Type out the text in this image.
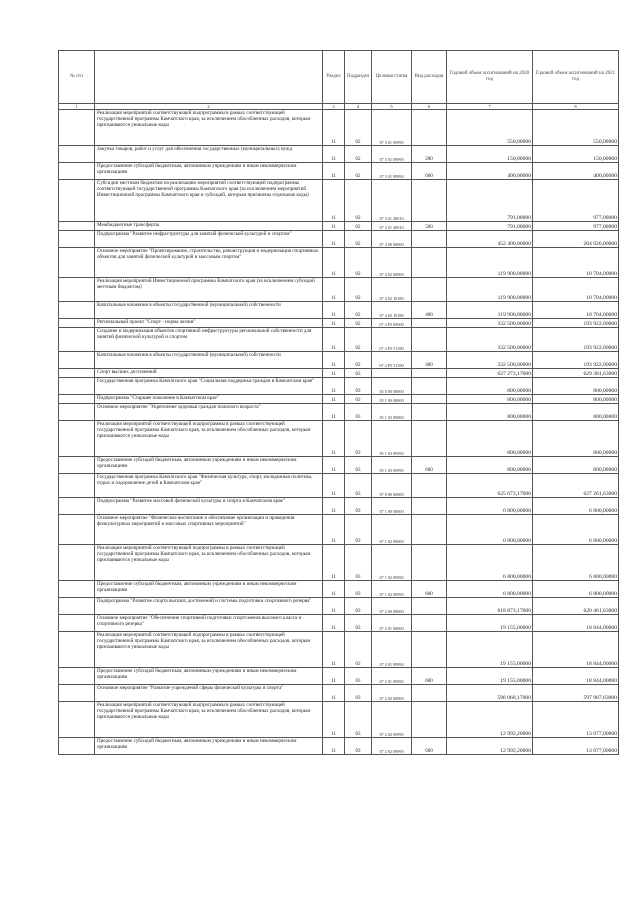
№ п/п		Раздел	Подраздел	Целевая статья	Вид расходов	Годовой объем ассигнований на 2020 год	Годовой объем ассигнований на 2021 год
1	2	3	4	5	6	7	8
	Реализация мероприятий соответствующей подпрограммы в рамках соответствующей государственной программы Камчатского края, за исключением обособленных расходов, которым присваиваются уникальные коды	11	02	07 3 01 09990		550,00000	550,00000
	Закупка товаров, работ и услуг для обеспечения государственных (муниципальных) нужд	11	02	07 3 01 09990	200	150,00000	150,00000
	Предоставление субсидий бюджетным, автономным учреждениям и иным некоммерческим организациям	11	02	07 3 01 09990	600	400,00000	400,00000
	Субсидии местным бюджетам на реализацию мероприятий соответствующей подпрограммы соответствующей государственной программы Камчатского края (за исключением мероприятий Инвестиционной программы Камчатского края и субсидий, которым присвоены отдельные коды)	11	02	07 3 01 40010		791,00000	977,00000
	Межбюджетные трансферты	11	02	07 3 01 40010	500	791,00000	977,00000
	Подпрограмма "Развитие инфраструктуры для занятий физической культурой и спортом"	11	02	07 4 00 00000		452 400,00000	204 626,00000
	Основное мероприятие "Проектирование, строительство, реконструкция и модернизация спортивных объектов для занятий физической культурой и массовым спортом"	11	02	07 4 02 00000		119 900,00000	10 704,00000
	Реализация мероприятий Инвестиционной программы Камчатского края (за исключением субсидий местным бюджетам)	11	02	07 4 02 10180		119 900,00000	10 704,00000
	Капитальные вложения в объекты государственной (муниципальной) собственности	11	02	07 4 02 10180	400	119 900,00000	10 704,00000
	Региональный проект "Спорт - норма жизни"	11	02	07 4 P5 00000		332 500,00000	193 922,00000
	Создание и модернизация объектов спортивной инфраструктуры региональной собственности для занятий физической культурой и спортом	11	02	07 4 P5 51390		332 500,00000	193 922,00000
	Капитальные вложения в объекты государственной (муниципальной) собственности	11	02	07 4 P5 51390	400	332 500,00000	193 922,00000
	Спорт высших достижений	11	03			627 273,17000	629 381,63000
	Государственная программа Камчатского края "Социальная поддержка граждан в Камчатском крае"	11	03	05 0 00 00000		800,00000	800,00000
	Подпрограмма "Старшее поколение в Камчатском крае"	11	03	05 1 00 00000		800,00000	800,00000
	Основное мероприятие "Укрепление здоровья граждан пожилого возраста"	11	03	05 1 03 00000		800,00000	800,00000
	Реализация мероприятий соответствующей подпрограммы в рамках соответствующей государственной программы Камчатского края, за исключением обособленных расходов, которым присваиваются уникальные коды	11	03	05 1 03 09990		800,00000	800,00000
	Предоставление субсидий бюджетным, автономным учреждениям и иным некоммерческим организациям	11	03	05 1 03 09990	600	800,00000	800,00000
	Государственная программа Камчатского края "Физическая культура, спорт, молодежная политика, отдых и оздоровление детей в Камчатском крае"	11	03	07 0 00 00000		625 673,17000	627 261,63000
	Подпрограмма "Развитие массовой физической культуры и спорта в Камчатском крае"	11	03	07 1 00 00000		6 800,00000	6 800,00000
	Основное мероприятие "Физическое воспитание и обеспечение организации и проведения физкультурных мероприятий и массовых спортивных мероприятий"	11	03	07 1 02 00000		6 800,00000	6 800,00000
	Реализация мероприятий соответствующей подпрограммы в рамках соответствующей государственной программы Камчатского края, за исключением обособленных расходов, которым присваиваются уникальные коды	11	03	07 1 02 09990		6 800,00000	6 800,00000
	Предоставление субсидий бюджетным, автономным учреждениям и иным некоммерческим организациям	11	03	07 1 02 09990	600	6 800,00000	6 800,00000
	Подпрограмма "Развитие спорта высших достижений и системы подготовки спортивного резерва"	11	03	07 2 00 00000		618 873,17000	620 461,63000
	Основное мероприятие "Обеспечение спортивной подготовки спортсменов высокого класса и спортивного резерва"	11	03	07 2 01 00000		19 155,00000	18 844,00000
	Реализация мероприятий соответствующей подпрограммы в рамках соответствующей государственной программы Камчатского края, за исключением обособленных расходов, которым присваиваются уникальные коды	11	03	07 2 01 09990		19 155,00000	18 844,00000
	Предоставление субсидий бюджетным, автономным учреждениям и иным некоммерческим организациям	11	03	07 2 01 09990	600	19 155,00000	18 844,00000
	Основное мероприятие "Развитие учреждений сферы физической культуры и спорта"	11	03	07 2 02 00000		596 068,17000	597 967,63000
	Реализация мероприятий соответствующей подпрограммы в рамках соответствующей государственной программы Камчатского края, за исключением обособленных расходов, которым присваиваются уникальные коды	11	03	07 2 02 09990		12 992,20000	13 077,00000
	Предоставление субсидий бюджетным, автономным учреждениям и иным некоммерческим организациям	11	03	07 2 02 09990	600	12 992,20000	13 077,00000
